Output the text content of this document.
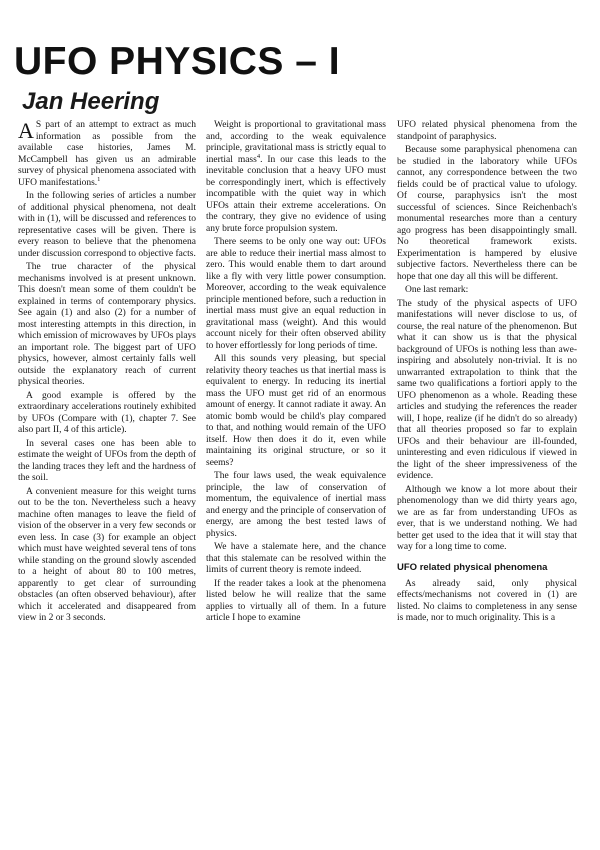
UFO PHYSICS – I
Jan Heering

A S part of an attempt to extract as much information as possible from the available case histories, James M. McCampbell has given us an admirable survey of physical phenomena associated with UFO manifestations.$^1$

In the following series of articles a number of additional physical phenomena, not dealt with in (1), will be discussed and references to representative cases will be given. There is every reason to believe that the phenomena under discussion correspond to objective facts.

The true character of the physical mechanisms involved is at present unknown. This doesn't mean some of them couldn't be explained in terms of contemporary physics. See again (1) and also (2) for a number of most interesting attempts in this direction, in which emission of microwaves by UFOs plays an important role. The biggest part of UFO physics, however, almost certainly falls well outside the explanatory reach of current physical theories.

A good example is offered by the extraordinary accelerations routinely exhibited by UFOs (Compare with (1), chapter 7. See also part II, 4 of this article).

In several cases one has been able to estimate the weight of UFOs from the depth of the landing traces they left and the hardness of the soil.

A convenient measure for this weight turns out to be the ton. Nevertheless such a heavy machine often manages to leave the field of vision of the observer in a very few seconds or even less. In case (3) for example an object which must have weighted several tens of tons while standing on the ground slowly ascended to a height of about 80 to 100 metres, apparently to get clear of surrounding obstacles (an often observed behaviour), after which it accelerated and disappeared from view in 2 or 3 seconds.

Weight is proportional to gravitational mass and, according to the weak equivalence principle, gravitational mass is strictly equal to inertial mass$^4$. In our case this leads to the inevitable conclusion that a heavy UFO must be correspondingly inert, which is effectively incompatible with the quiet way in which UFOs attain their extreme accelerations. On the contrary, they give no evidence of using any brute force propulsion system.

There seems to be only one way out: UFOs are able to reduce their inertial mass almost to zero. This would enable them to dart around like a fly with very little power consumption. Moreover, according to the weak equivalence principle mentioned before, such a reduction in inertial mass must give an equal reduction in gravitational mass (weight). And this would account nicely for their often observed ability to hover effortlessly for long periods of time.

All this sounds very pleasing, but special relativity theory teaches us that inertial mass is equivalent to energy. In reducing its inertial mass the UFO must get rid of an enormous amount of energy. It cannot radiate it away. An atomic bomb would be child's play compared to that, and nothing would remain of the UFO itself. How then does it do it, even while maintaining its original structure, or so it seems?

The four laws used, the weak equivalence principle, the law of conservation of momentum, the equivalence of inertial mass and energy and the principle of conservation of energy, are among the best tested laws of physics.

We have a stalemate here, and the chance that this stalemate can be resolved within the limits of current theory is remote indeed.

If the reader takes a look at the phenomena listed below he will realize that the same applies to virtually all of them. In a future article I hope to examine

UFO related physical phenomena from the standpoint of paraphysics.

Because some paraphysical phenomena can be studied in the laboratory while UFOs cannot, any correspondence between the two fields could be of practical value to ufology. Of course, paraphysics isn't the most successful of sciences. Since Reichenbach's monumental researches more than a century ago progress has been disappointingly small. No theoretical framework exists. Experimentation is hampered by elusive subjective factors. Nevertheless there can be hope that one day all this will be different.

One last remark:

The study of the physical aspects of UFO manifestations will never disclose to us, of course, the real nature of the phenomenon. But what it can show us is that the physical background of UFOs is nothing less than awe-inspiring and absolutely non-trivial. It is no unwarranted extrapolation to think that the same two qualifications a fortiori apply to the UFO phenomenon as a whole. Reading these articles and studying the references the reader will, I hope, realize (if he didn't do so already) that all theories proposed so far to explain UFOs and their behaviour are ill-founded, uninteresting and even ridiculous if viewed in the light of the sheer impressiveness of the evidence.

Although we know a lot more about their phenomenology than we did thirty years ago, we are as far from understanding UFOs as ever, that is we understand nothing. We had better get used to the idea that it will stay that way for a long time to come.

UFO related physical phenomena

As already said, only physical effects/mechanisms not covered in (1) are listed. No claims to completeness in any sense is made, nor to much originality. This is a
